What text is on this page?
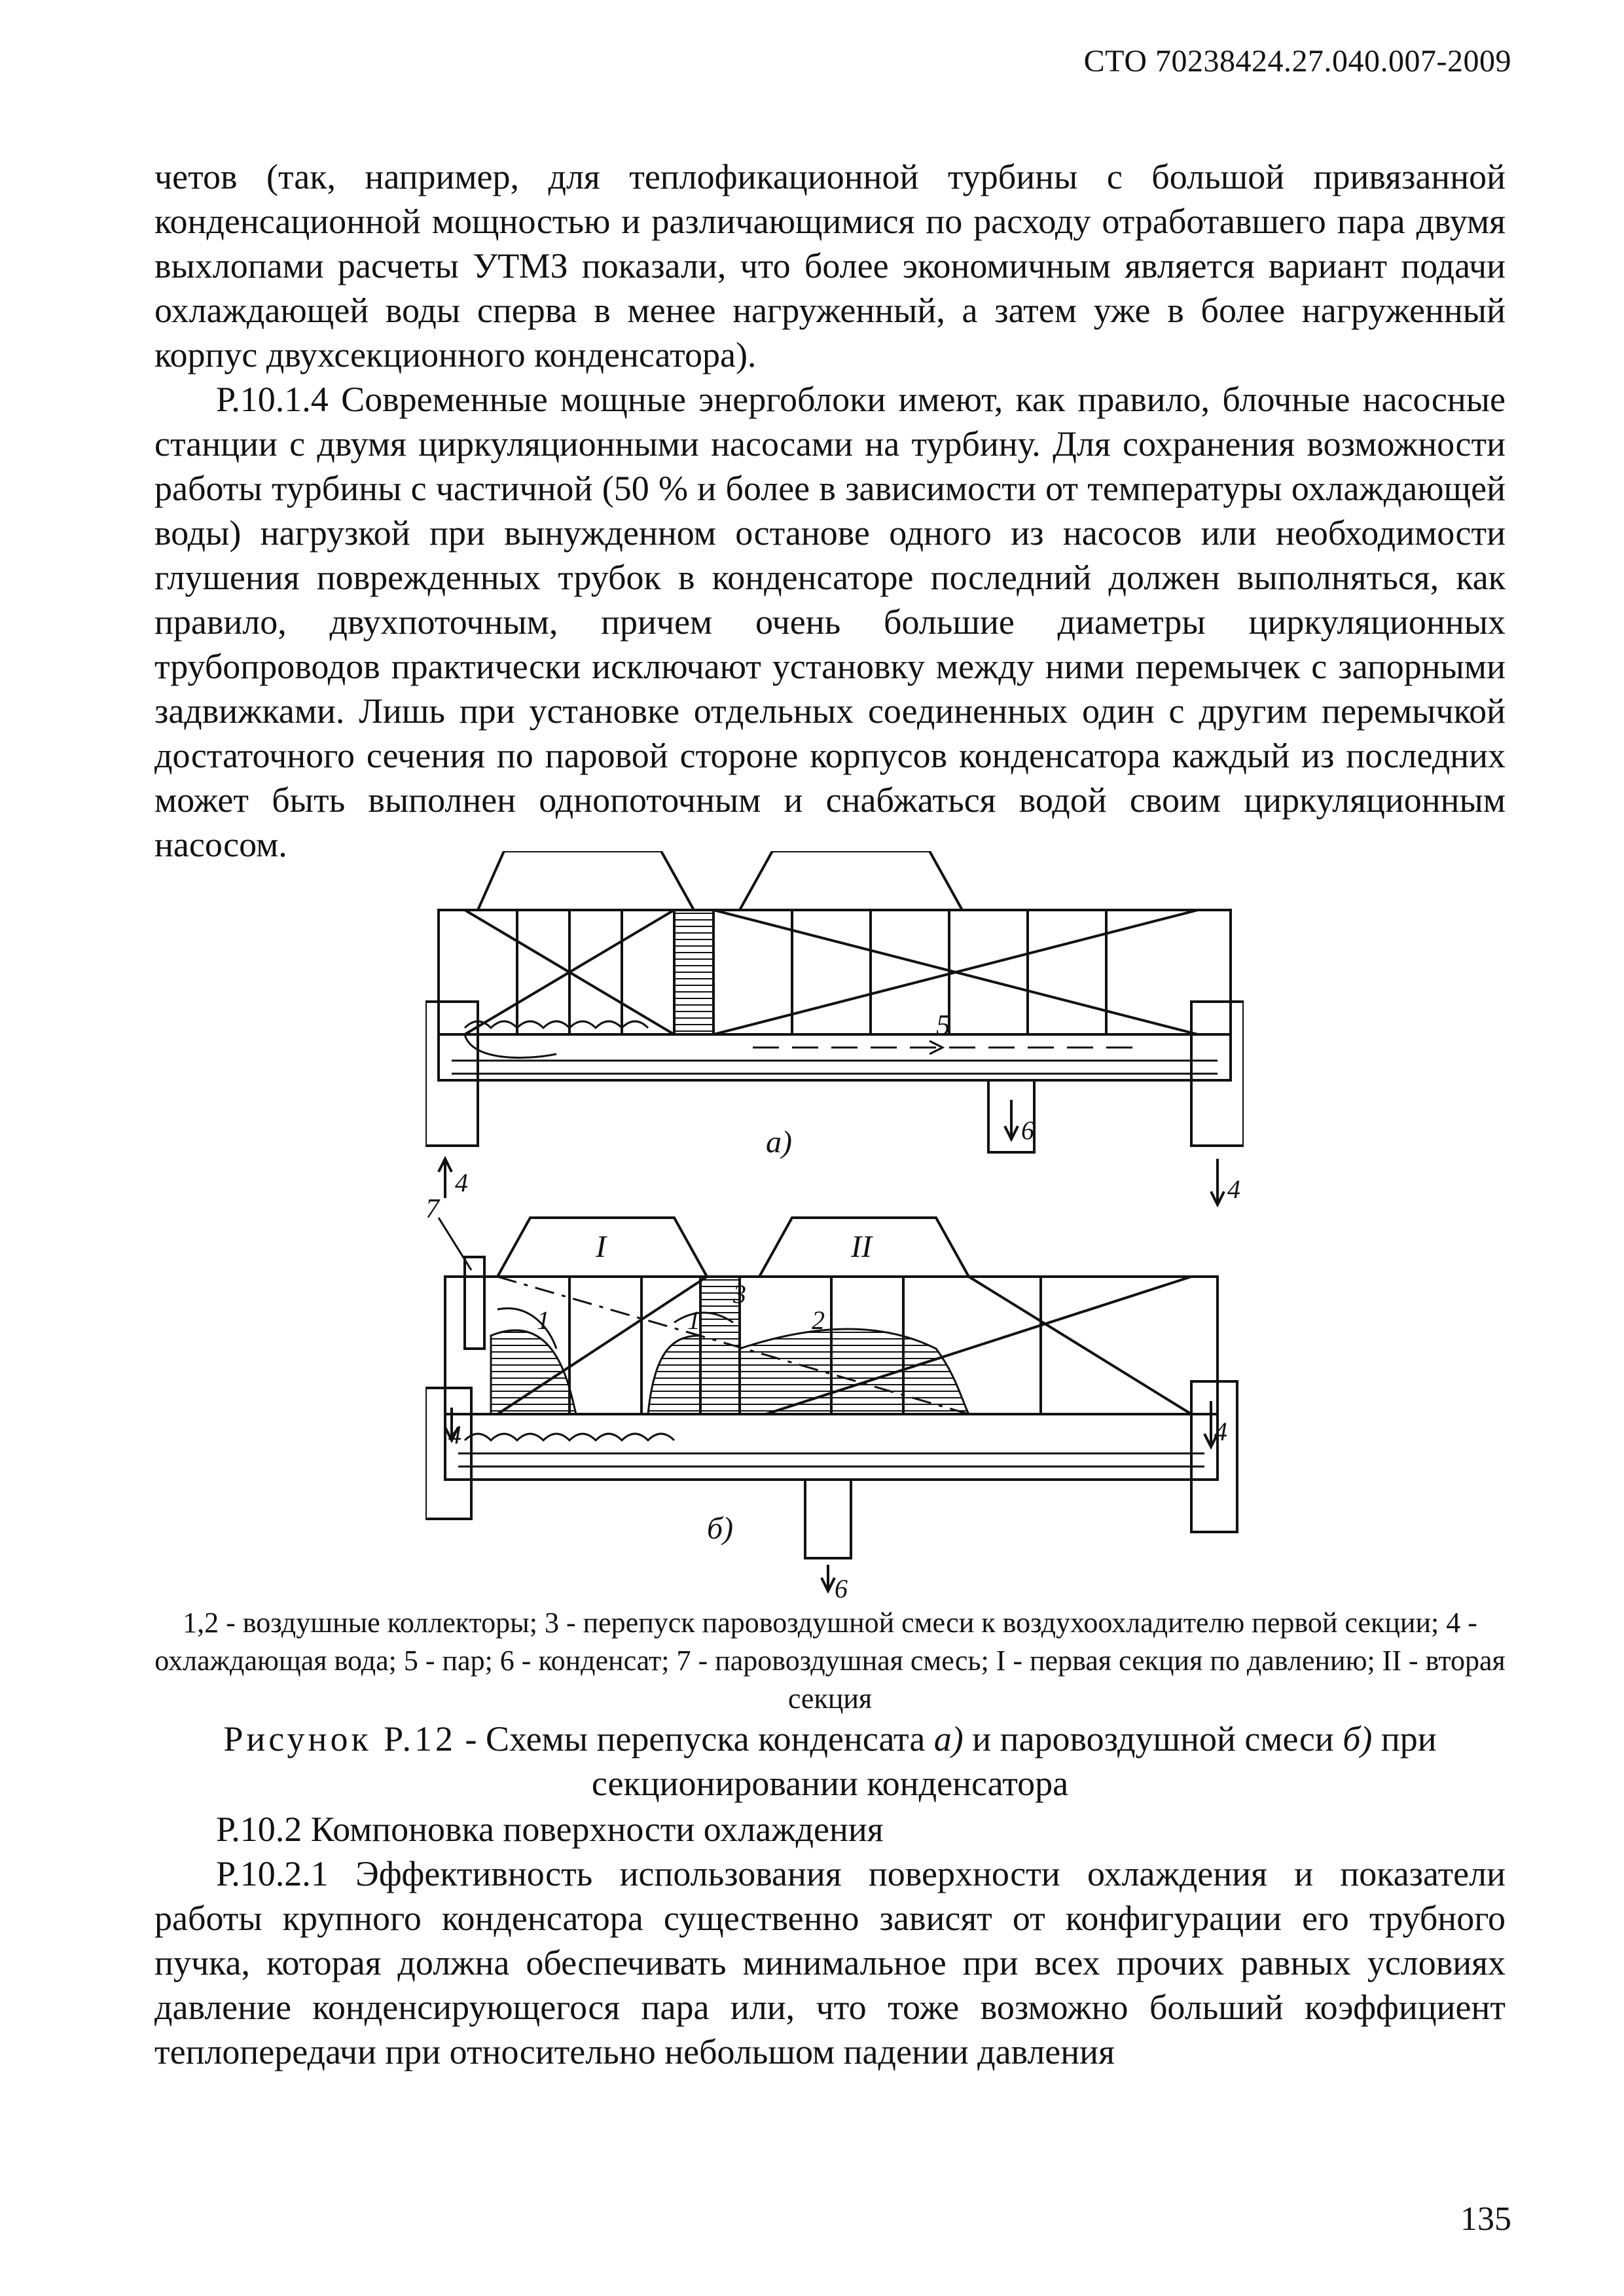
СТО 70238424.27.040.007-2009

четов (так, например, для теплофикационной турбины с большой привязанной конденсационной мощностью и различающимися по расходу отработавшего пара двумя выхлопами расчеты УТМЗ показали, что более экономичным является вариант подачи охлаждающей воды сперва в менее нагруженный, а затем уже в более нагруженный корпус двухсекционного конденсатора).

Р.10.1.4 Современные мощные энергоблоки имеют, как правило, блочные насосные станции с двумя циркуляционными насосами на турбину. Для сохранения возможности работы турбины с частичной (50 % и более в зависимости от температуры охлаждающей воды) нагрузкой при вынужденном останове одного из насосов или необходимости глушения поврежденных трубок в конденсаторе последний должен выполняться, как правило, двухпоточным, причем очень большие диаметры циркуляционных трубопроводов практически исключают установку между ними перемычек с запорными задвижками. Лишь при установке отдельных соединенных один с другим перемычкой достаточного сечения по паровой стороне корпусов конденсатора каждый из последних может быть выполнен однопоточным и снабжаться водой своим циркуляционным насосом.

5
4	4
6
а)
7
1	1
3
2
I	II
4	4
6
б)
1,2 - воздушные коллекторы; 3 - перепуск паровоздушной смеси к воздухоохладителю первой секции; 4 - охлаждающая вода; 5 - пар; 6 - конденсат; 7 - паровоздушная смесь; I - первая секция по давлению; II - вторая секция
Рисунок Р.12 - Схемы перепуска конденсата а) и паровоздушной смеси б) при секционировании конденсатора

Р.10.2 Компоновка поверхности охлаждения

Р.10.2.1 Эффективность использования поверхности охлаждения и показатели работы крупного конденсатора существенно зависят от конфигурации его трубного пучка, которая должна обеспечивать минимальное при всех прочих равных условиях давление конденсирующегося пара или, что тоже возможно больший коэффициент теплопередачи при относительно небольшом падении давления

135
